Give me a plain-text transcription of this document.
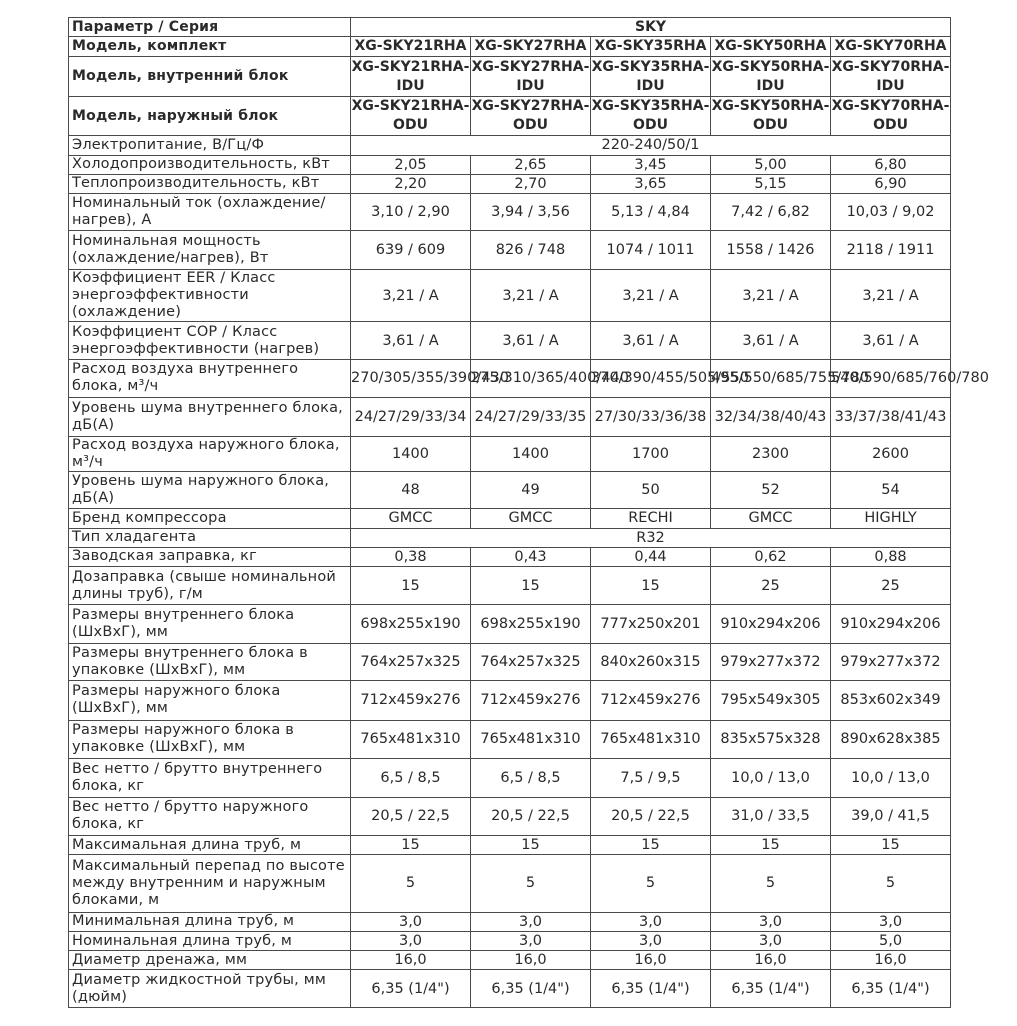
Параметр / Серия	SKY				
Модель, комплект	XG-SKY21RHA	XG-SKY27RHA	XG-SKY35RHA	XG-SKY50RHA	XG-SKY70RHA
Модель, внутренний блок	XG-SKY21RHA-IDU	XG-SKY27RHA-IDU	XG-SKY35RHA-IDU	XG-SKY50RHA-IDU	XG-SKY70RHA-IDU
Модель, наружный блок	XG-SKY21RHA-ODU	XG-SKY27RHA-ODU	XG-SKY35RHA-ODU	XG-SKY50RHA-ODU	XG-SKY70RHA-ODU
Электропитание, В/Гц/Ф	220-240/50/1				
Холодопроизводительность, кВт	2,05	2,65	3,45	5,00	6,80
Теплопроизводительность, кВт	2,20	2,70	3,65	5,15	6,90
Номинальный ток (охлаждение/нагрев), А	3,10 / 2,90	3,94 / 3,56	5,13 / 4,84	7,42 / 6,82	10,03 / 9,02
Номинальная мощность (охлаждение/нагрев), Вт	639 / 609	826 / 748	1074 / 1011	1558 / 1426	2118 / 1911
Коэффициент EER / Класс энергоэффективности (охлаждение)	3,21 / A	3,21 / A	3,21 / A	3,21 / A	3,21 / A
Коэффициент COP / Класс энергоэффективности (нагрев)	3,61 / A	3,61 / A	3,61 / A	3,61 / A	3,61 / A
Расход воздуха внутреннего блока, м³/ч	270/305/355/390/430	275/310/365/400/440	370/390/455/505/550	495/550/685/755/780	540/590/685/760/780
Уровень шума внутреннего блока, дБ(А)	24/27/29/33/34	24/27/29/33/35	27/30/33/36/38	32/34/38/40/43	33/37/38/41/43
Расход воздуха наружного блока, м³/ч	1400	1400	1700	2300	2600
Уровень шума наружного блока, дБ(А)	48	49	50	52	54
Бренд компрессора	GMCC	GMCC	RECHI	GMCC	HIGHLY
Тип хладагента	R32				
Заводская заправка, кг	0,38	0,43	0,44	0,62	0,88
Дозаправка (свыше номинальной длины труб), г/м	15	15	15	25	25
Размеры внутреннего блока (ШхВхГ), мм	698x255x190	698x255x190	777x250x201	910x294x206	910x294x206
Размеры внутреннего блока в упаковке (ШхВхГ), мм	764x257x325	764x257x325	840x260x315	979x277x372	979x277x372
Размеры наружного блока (ШхВхГ), мм	712x459x276	712x459x276	712x459x276	795x549x305	853x602x349
Размеры наружного блока в упаковке (ШхВхГ), мм	765x481x310	765x481x310	765x481x310	835x575x328	890x628x385
Вес нетто / брутто внутреннего блока, кг	6,5 / 8,5	6,5 / 8,5	7,5 / 9,5	10,0 / 13,0	10,0 / 13,0
Вес нетто / брутто наружного блока, кг	20,5 / 22,5	20,5 / 22,5	20,5 / 22,5	31,0 / 33,5	39,0 / 41,5
Максимальная длина труб, м	15	15	15	15	15
Максимальный перепад по высоте между внутренним и наружным блоками, м	5	5	5	5	5
Минимальная длина труб, м	3,0	3,0	3,0	3,0	3,0
Номинальная длина труб, м	3,0	3,0	3,0	3,0	5,0
Диаметр дренажа, мм	16,0	16,0	16,0	16,0	16,0
Диаметр жидкостной трубы, мм (дюйм)	6,35 (1/4")	6,35 (1/4")	6,35 (1/4")	6,35 (1/4")	6,35 (1/4")
